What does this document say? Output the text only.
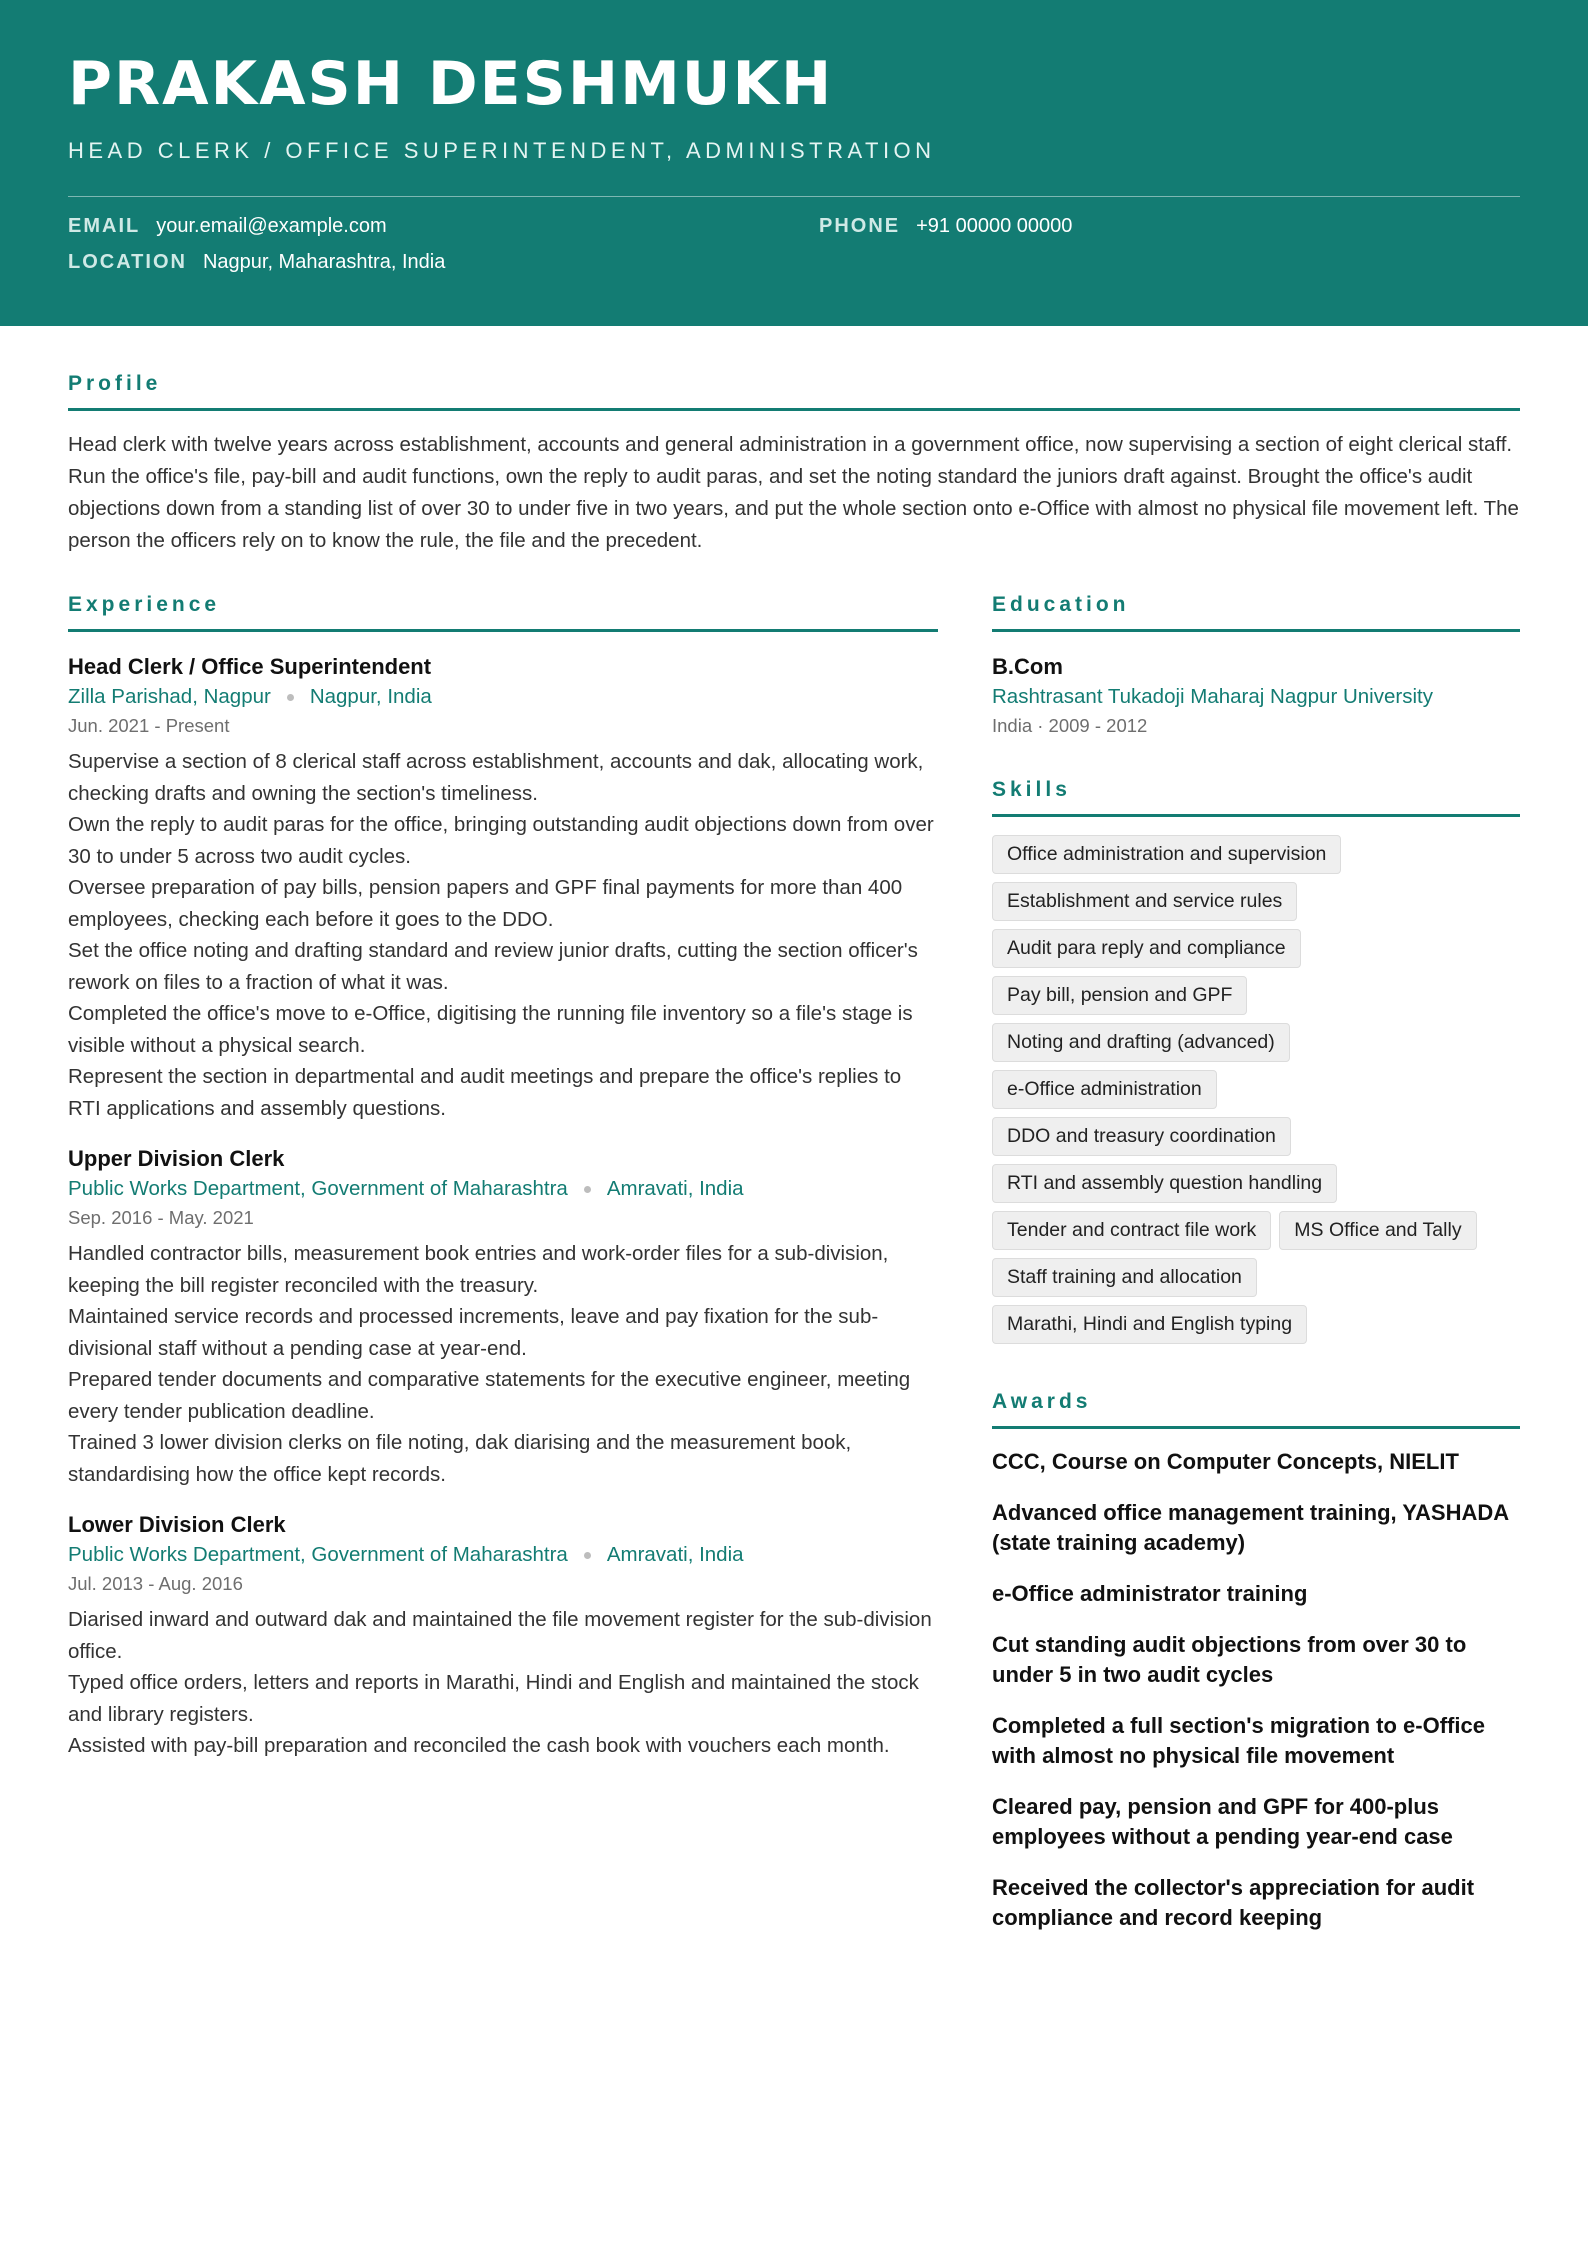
PRAKASH DESHMUKH
HEAD CLERK / OFFICE SUPERINTENDENT, ADMINISTRATION
EMAIL your.email@example.com	PHONE +91 00000 00000
LOCATION Nagpur, Maharashtra, India
Profile
Head clerk with twelve years across establishment, accounts and general administration in a government office, now supervising a section of eight clerical staff. Run the office's file, pay-bill and audit functions, own the reply to audit paras, and set the noting standard the juniors draft against. Brought the office's audit objections down from a standing list of over 30 to under five in two years, and put the whole section onto e-Office with almost no physical file movement left. The person the officers rely on to know the rule, the file and the precedent.
Experience
Head Clerk / Office Superintendent
Zilla Parishad, Nagpur Nagpur, India
Jun. 2021 - Present
Supervise a section of 8 clerical staff across establishment, accounts and dak, allocating work, checking drafts and owning the section's timeliness.
Own the reply to audit paras for the office, bringing outstanding audit objections down from over 30 to under 5 across two audit cycles.
Oversee preparation of pay bills, pension papers and GPF final payments for more than 400 employees, checking each before it goes to the DDO.
Set the office noting and drafting standard and review junior drafts, cutting the section officer's rework on files to a fraction of what it was.
Completed the office's move to e-Office, digitising the running file inventory so a file's stage is visible without a physical search.
Represent the section in departmental and audit meetings and prepare the office's replies to RTI applications and assembly questions.
Upper Division Clerk
Public Works Department, Government of Maharashtra Amravati, India
Sep. 2016 - May. 2021
Handled contractor bills, measurement book entries and work-order files for a sub-division, keeping the bill register reconciled with the treasury.
Maintained service records and processed increments, leave and pay fixation for the sub-divisional staff without a pending case at year-end.
Prepared tender documents and comparative statements for the executive engineer, meeting every tender publication deadline.
Trained 3 lower division clerks on file noting, dak diarising and the measurement book, standardising how the office kept records.
Lower Division Clerk
Public Works Department, Government of Maharashtra Amravati, India
Jul. 2013 - Aug. 2016
Diarised inward and outward dak and maintained the file movement register for the sub-division office.
Typed office orders, letters and reports in Marathi, Hindi and English and maintained the stock and library registers.
Assisted with pay-bill preparation and reconciled the cash book with vouchers each month.
Education
B.Com
Rashtrasant Tukadoji Maharaj Nagpur University
India · 2009 - 2012
Skills
Office administration and supervision
Establishment and service rules
Audit para reply and compliance
Pay bill, pension and GPF
Noting and drafting (advanced)
e-Office administration
DDO and treasury coordination
RTI and assembly question handling
Tender and contract file work	MS Office and Tally
Staff training and allocation
Marathi, Hindi and English typing
Awards
CCC, Course on Computer Concepts, NIELIT
Advanced office management training, YASHADA (state training academy)
e-Office administrator training
Cut standing audit objections from over 30 to under 5 in two audit cycles
Completed a full section's migration to e-Office with almost no physical file movement
Cleared pay, pension and GPF for 400-plus employees without a pending year-end case
Received the collector's appreciation for audit compliance and record keeping
